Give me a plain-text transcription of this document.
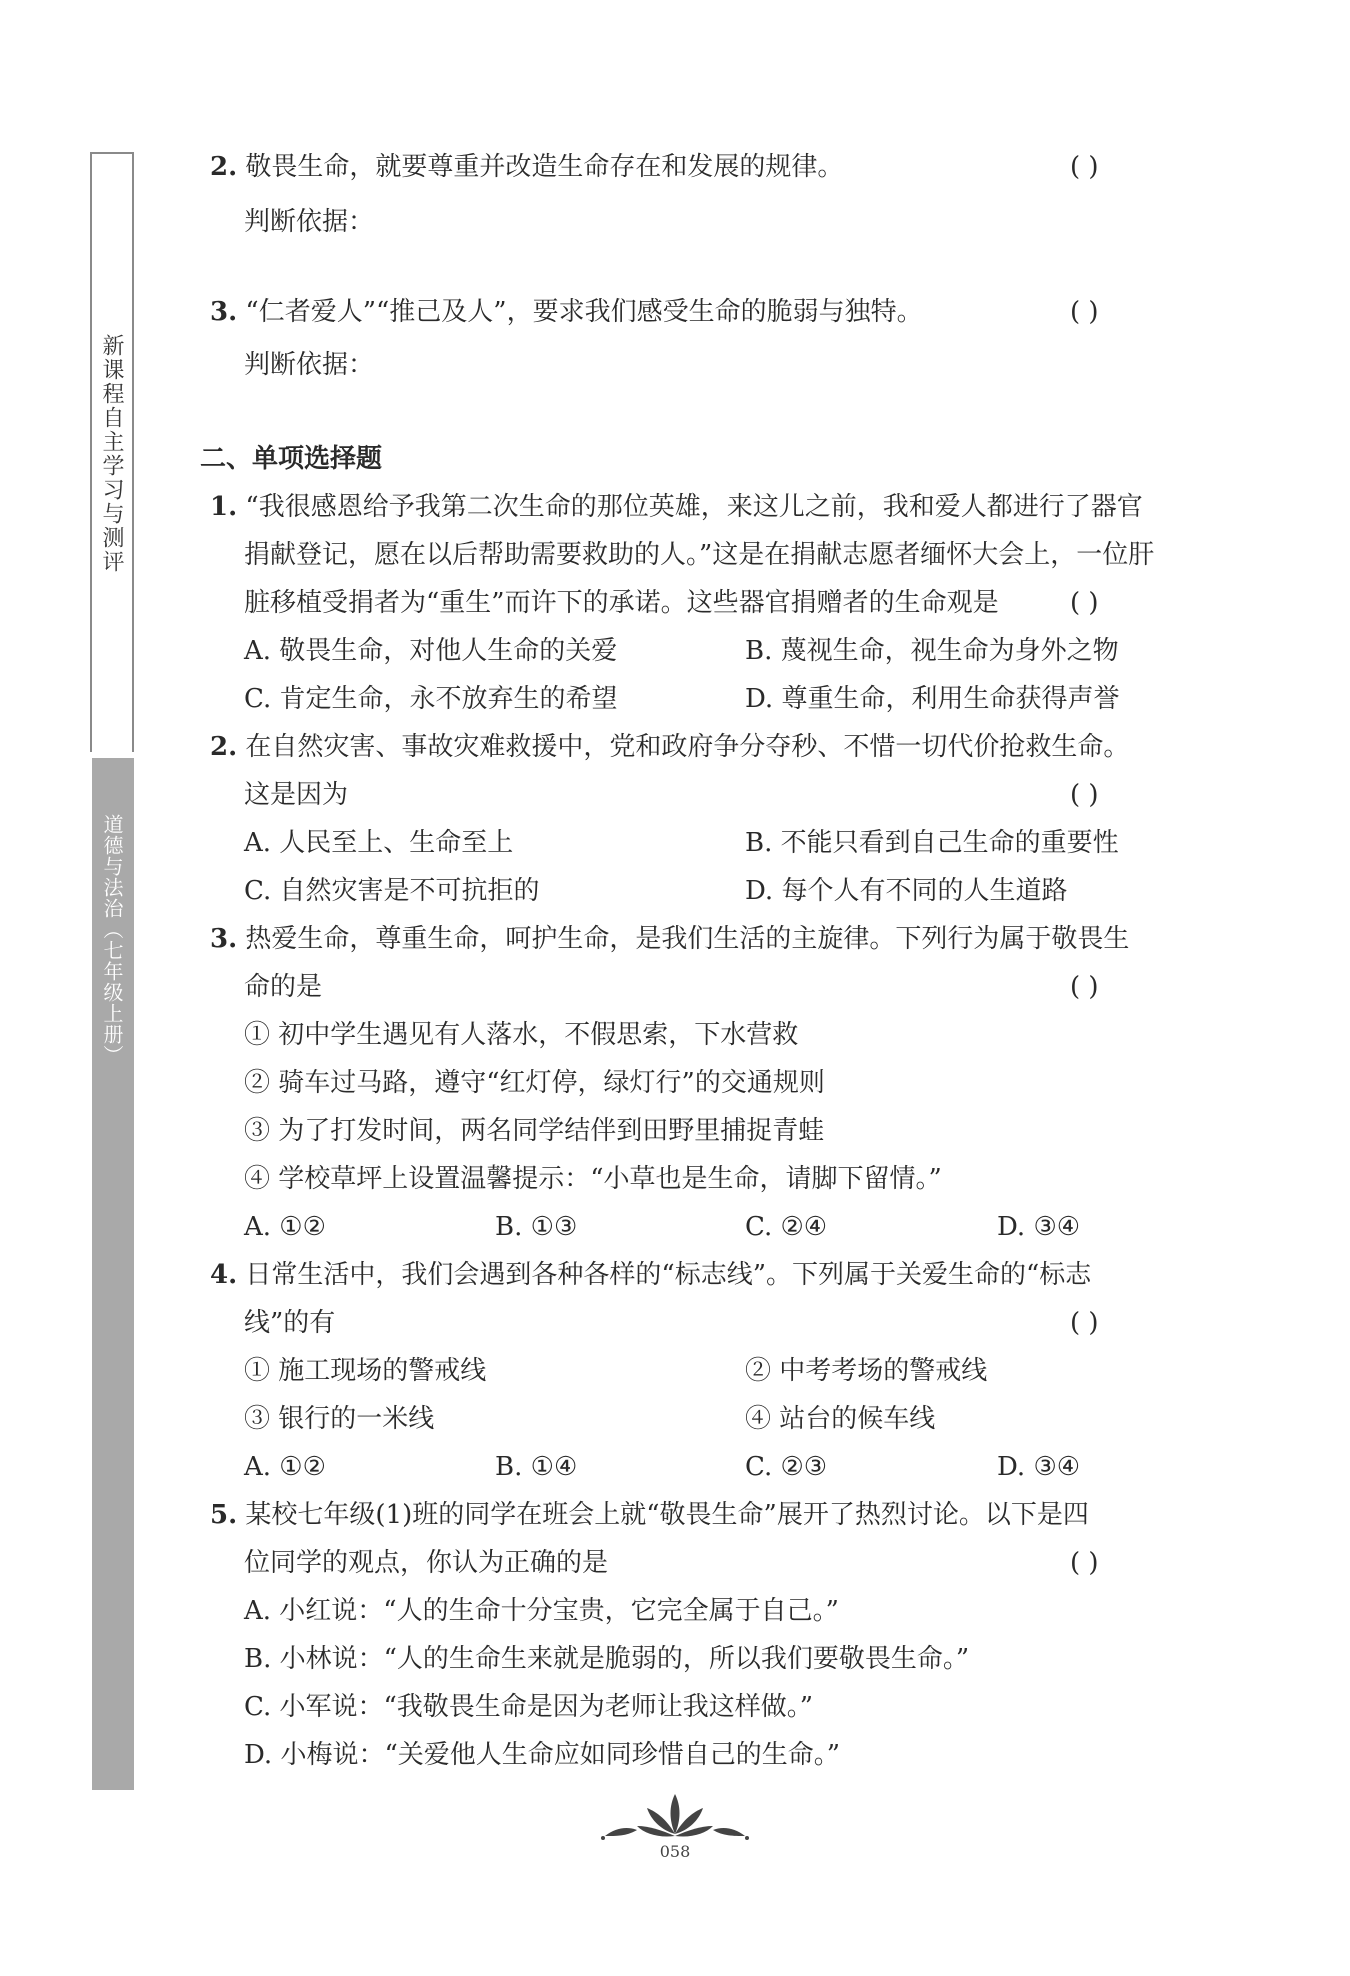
新课程自主学习与测评
道德与法治（七年级上册）
2. 敬畏生命，就要尊重并改造生命存在和发展的规律。	( )
判断依据：
3. “仁者爱人”“推己及人”，要求我们感受生命的脆弱与独特。	( )
判断依据：
二、单项选择题
1. “我很感恩给予我第二次生命的那位英雄，来这儿之前，我和爱人都进行了器官
捐献登记，愿在以后帮助需要救助的人。”这是在捐献志愿者缅怀大会上，一位肝
脏移植受捐者为“重生”而许下的承诺。这些器官捐赠者的生命观是	( )
A. 敬畏生命，对他人生命的关爱	B. 蔑视生命，视生命为身外之物
C. 肯定生命，永不放弃生的希望	D. 尊重生命，利用生命获得声誉
2. 在自然灾害、事故灾难救援中，党和政府争分夺秒、不惜一切代价抢救生命。
这是因为	( )
A. 人民至上、生命至上	B. 不能只看到自己生命的重要性
C. 自然灾害是不可抗拒的	D. 每个人有不同的人生道路
3. 热爱生命，尊重生命，呵护生命，是我们生活的主旋律。下列行为属于敬畏生
命的是	( )
① 初中学生遇见有人落水，不假思索，下水营救
② 骑车过马路，遵守“红灯停，绿灯行”的交通规则
③ 为了打发时间，两名同学结伴到田野里捕捉青蛙
④ 学校草坪上设置温馨提示：“小草也是生命，请脚下留情。”
A. ①②	B. ①③	C. ②④	D. ③④
4. 日常生活中，我们会遇到各种各样的“标志线”。下列属于关爱生命的“标志
线”的有	( )
① 施工现场的警戒线	② 中考考场的警戒线
③ 银行的一米线	④ 站台的候车线
A. ①②	B. ①④	C. ②③	D. ③④
5. 某校七年级(1)班的同学在班会上就“敬畏生命”展开了热烈讨论。以下是四
位同学的观点，你认为正确的是	( )
A. 小红说：“人的生命十分宝贵，它完全属于自己。”
B. 小林说：“人的生命生来就是脆弱的，所以我们要敬畏生命。”
C. 小军说：“我敬畏生命是因为老师让我这样做。”
D. 小梅说：“关爱他人生命应如同珍惜自己的生命。”
058
